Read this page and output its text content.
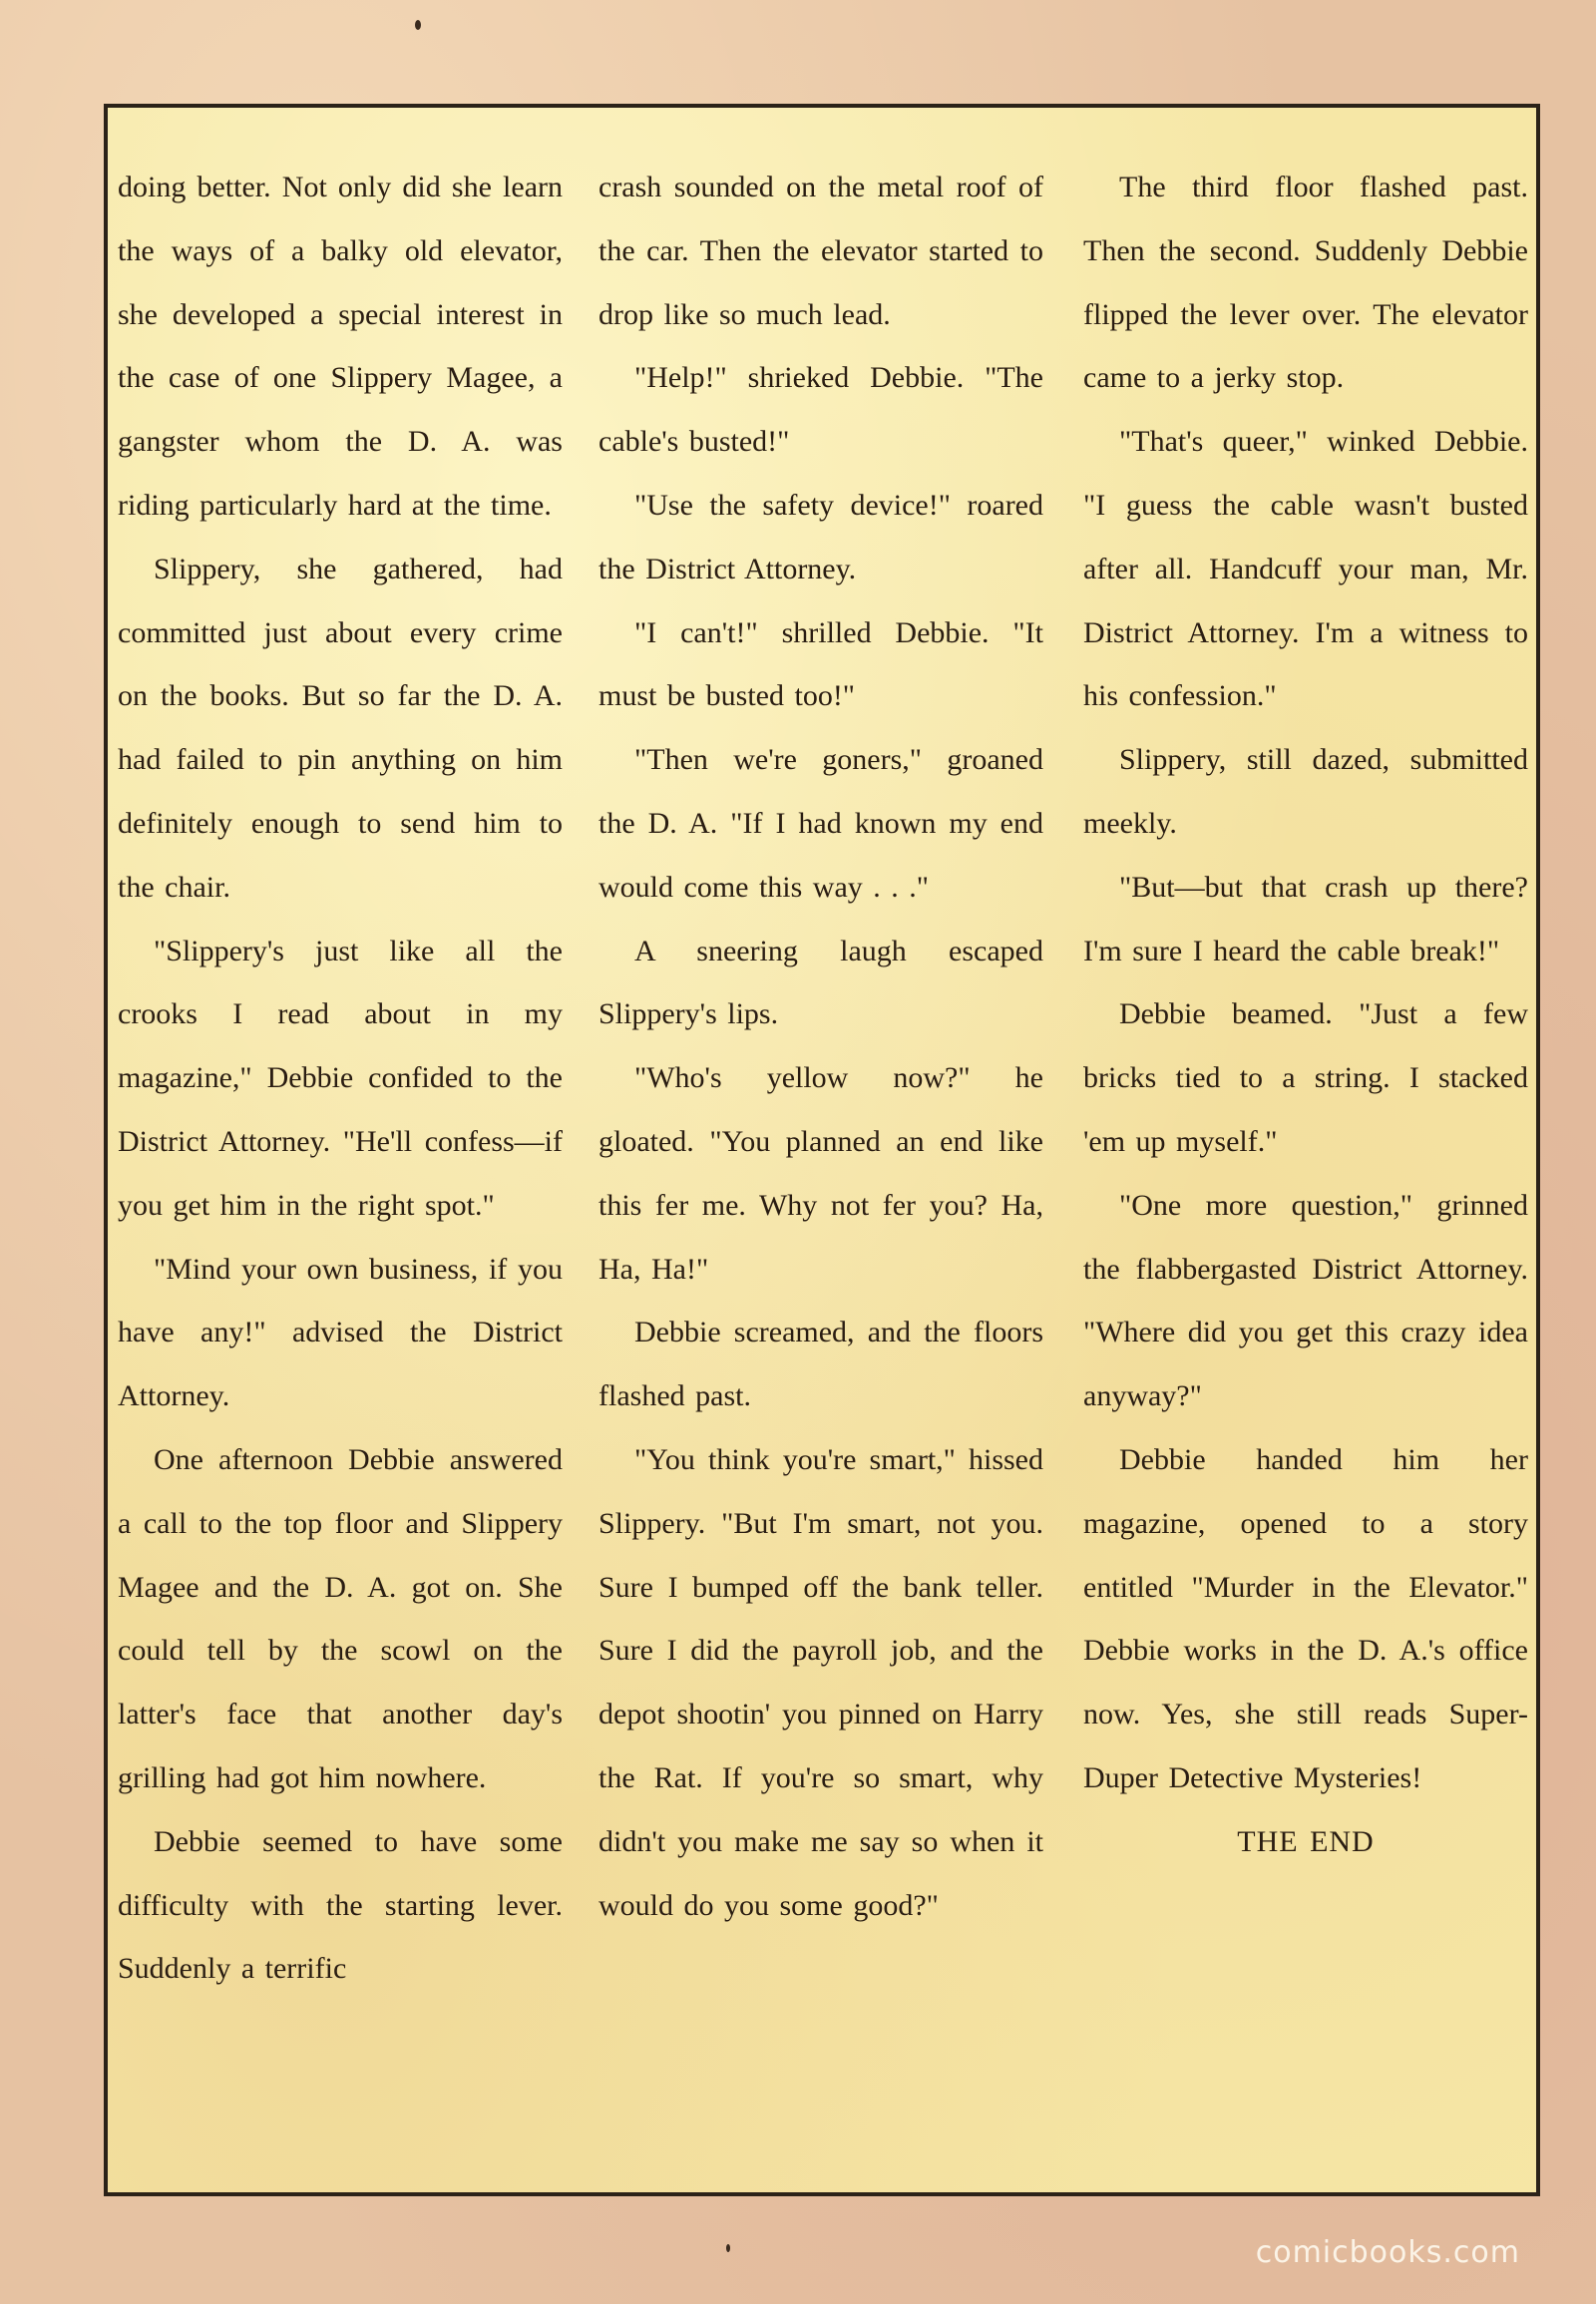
doing better. Not only did she learn the ways of a balky old elevator, she developed a special interest in the case of one Slippery Magee, a gangster whom the D. A. was riding particularly hard at the time.

Slippery, she gathered, had committed just about every crime on the books. But so far the D. A. had failed to pin anything on him definitely enough to send him to the chair.

"Slippery's just like all the crooks I read about in my magazine," Debbie confided to the District Attorney. "He'll confess—if you get him in the right spot."

"Mind your own business, if you have any!" advised the District Attorney.

One afternoon Debbie answered a call to the top floor and Slippery Magee and the D. A. got on. She could tell by the scowl on the latter's face that another day's grilling had got him nowhere.

Debbie seemed to have some difficulty with the starting lever. Suddenly a terrific

crash sounded on the metal roof of the car. Then the elevator started to drop like so much lead.

"Help!" shrieked Debbie. "The cable's busted!"

"Use the safety device!" roared the District Attorney.

"I can't!" shrilled Debbie. "It must be busted too!"

"Then we're goners," groaned the D. A. "If I had known my end would come this way . . ."

A sneering laugh escaped Slippery's lips.

"Who's yellow now?" he gloated. "You planned an end like this fer me. Why not fer you? Ha, Ha, Ha!"

Debbie screamed, and the floors flashed past.

"You think you're smart," hissed Slippery. "But I'm smart, not you. Sure I bumped off the bank teller. Sure I did the payroll job, and the depot shootin' you pinned on Harry the Rat. If you're so smart, why didn't you make me say so when it would do you some good?"

The third floor flashed past. Then the second. Suddenly Debbie flipped the lever over. The elevator came to a jerky stop.

"That's queer," winked Debbie. "I guess the cable wasn't busted after all. Handcuff your man, Mr. District Attorney. I'm a witness to his confession."

Slippery, still dazed, submitted meekly.

"But—but that crash up there? I'm sure I heard the cable break!"

Debbie beamed. "Just a few bricks tied to a string. I stacked 'em up myself."

"One more question," grinned the flabbergasted District Attorney. "Where did you get this crazy idea anyway?"

Debbie handed him her magazine, opened to a story entitled "Murder in the Elevator." Debbie works in the D. A.'s office now. Yes, she still reads Super-Duper Detective Mysteries!

THE END

comicbooks.com
